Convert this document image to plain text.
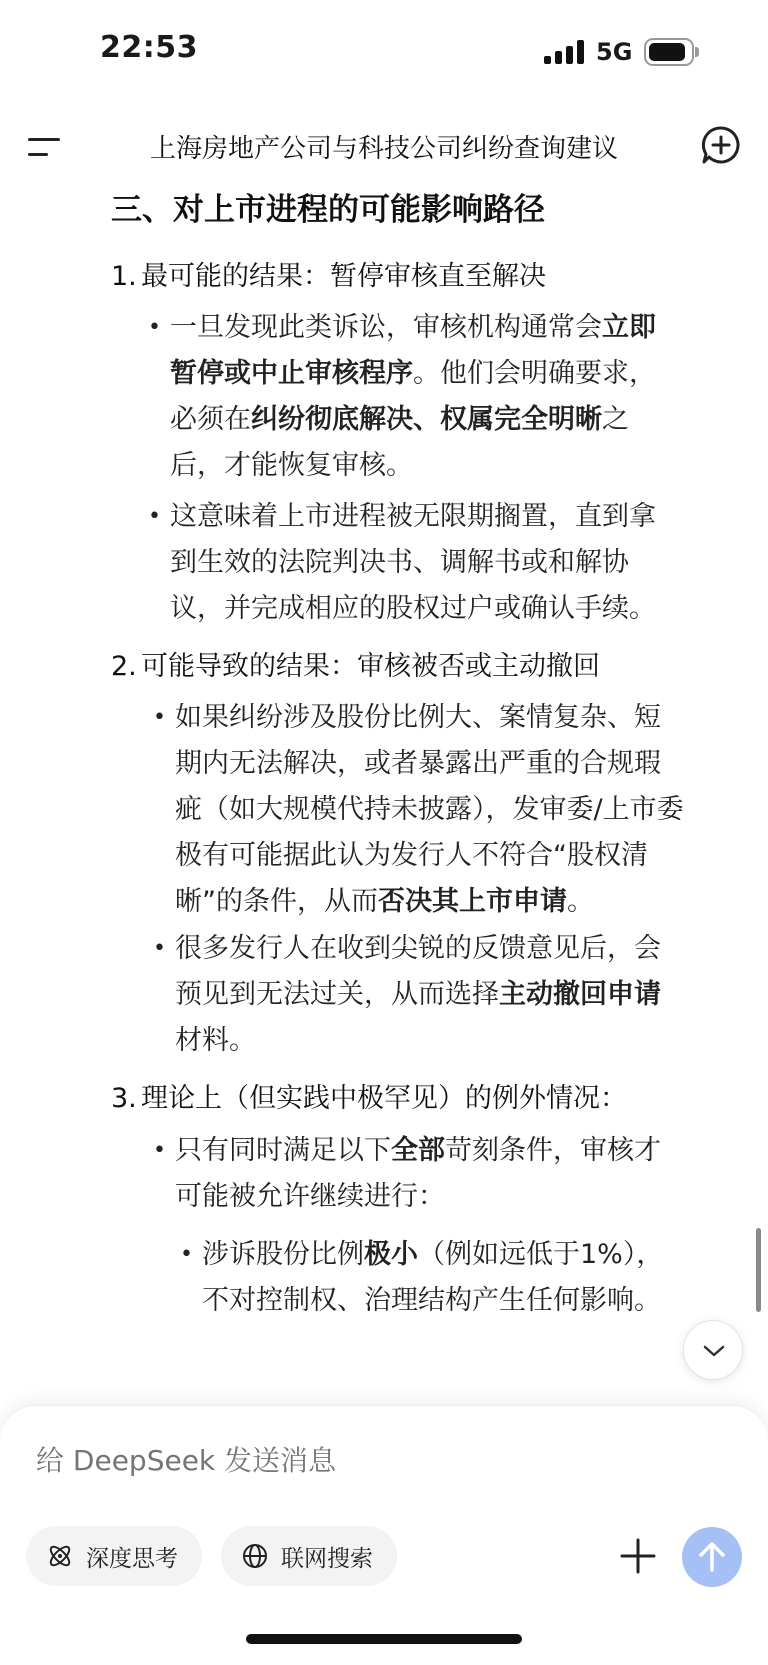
22:53	5G
上海房地产公司与科技公司纠纷查询建议
三、对上市进程的可能影响路径
1. 最可能的结果：暂停审核直至解决
• 一旦发现此类诉讼，审核机构通常会立即
暂停或中止审核程序。他们会明确要求，
必须在纠纷彻底解决、权属完全明晰之
后，才能恢复审核。
• 这意味着上市进程被无限期搁置，直到拿
到生效的法院判决书、调解书或和解协
议，并完成相应的股权过户或确认手续。
2. 可能导致的结果：审核被否或主动撤回
• 如果纠纷涉及股份比例大、案情复杂、短
期内无法解决，或者暴露出严重的合规瑕
疵（如大规模代持未披露），发审委/上市委
极有可能据此认为发行人不符合“股权清
晰”的条件，从而否决其上市申请。
• 很多发行人在收到尖锐的反馈意见后，会
预见到无法过关，从而选择主动撤回申请
材料。
3. 理论上（但实践中极罕见）的例外情况：
• 只有同时满足以下全部苛刻条件，审核才
可能被允许继续进行：
• 涉诉股份比例极小（例如远低于1%），
不对控制权、治理结构产生任何影响。
给 DeepSeek 发送消息
深度思考	联网搜索
